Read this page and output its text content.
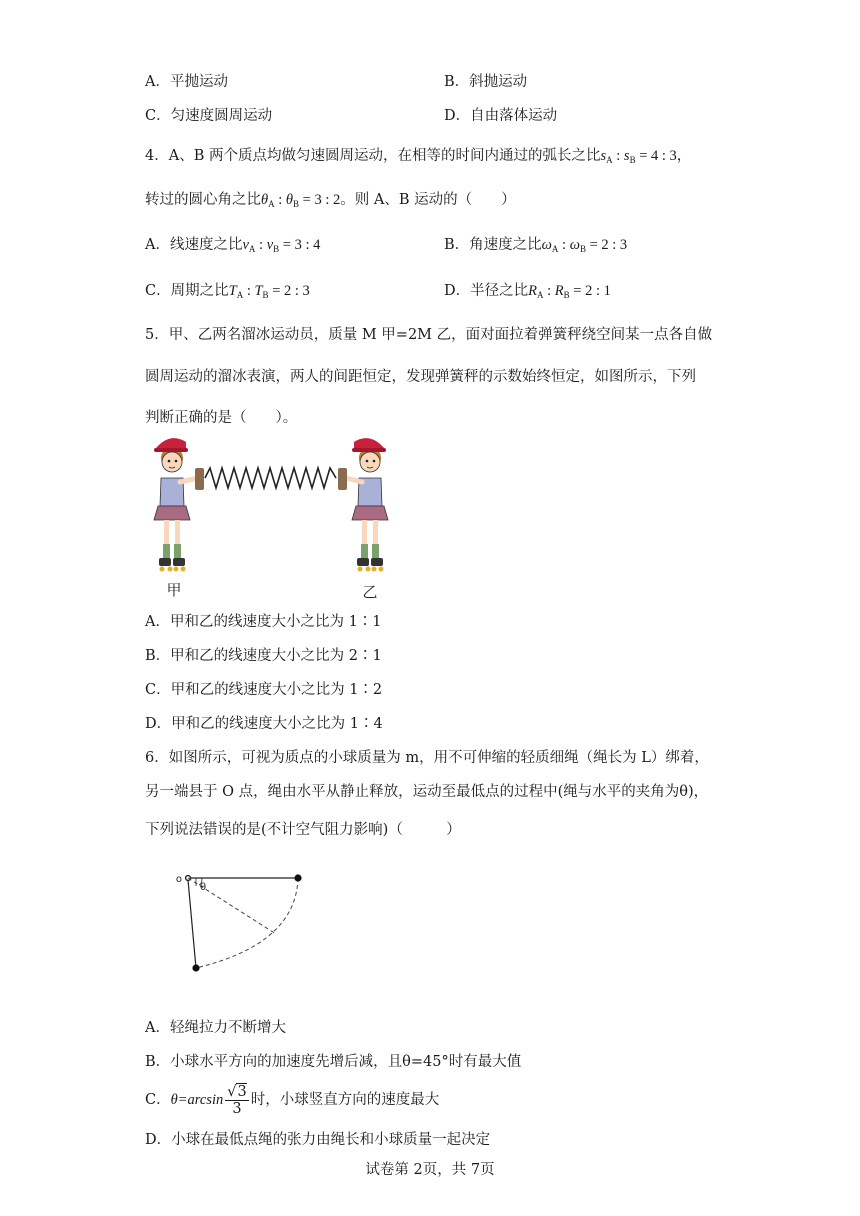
A．平抛运动	B．斜抛运动
C．匀速度圆周运动	D．自由落体运动
4．A、B 两个质点均做匀速圆周运动，在相等的时间内通过的弧长之比$s_A$ : $s_B = 4$ : 3，
转过的圆心角之比$\theta_A$ : $\theta_B = 3$ : 2。则 A、B 运动的（　　）
A．线速度之比$v_A$ : $v_B = 3$ : 4	B．角速度之比$\omega_A$ : $\omega_B = 2$ : 3
C．周期之比$T_A$ : $T_B = 2$ : 3	D．半径之比$R_A$ : $R_B = 2$ : 1
5．甲、乙两名溜冰运动员，质量 M 甲=2M 乙，面对面拉着弹簧秤绕空间某一点各自做
圆周运动的溜冰表演，两人的间距恒定，发现弹簧秤的示数始终恒定，如图所示，下列
判断正确的是（　　）。
甲	乙
A．甲和乙的线速度大小之比为 1∶1
B．甲和乙的线速度大小之比为 2∶1
C．甲和乙的线速度大小之比为 1∶2
D．甲和乙的线速度大小之比为 1∶4
6．如图所示，可视为质点的小球质量为 m，用不可伸缩的轻质细绳（绳长为 L）绑着，
另一端县于 O 点，绳由水平从静止释放，运动至最低点的过程中(绳与水平的夹角为θ)，
下列说法错误的是(不计空气阻力影响)（　　　）
o
θ
A．轻绳拉力不断增大
B．小球水平方向的加速度先增后减，且θ=45°时有最大值
C．$\theta=\arcsin \frac{√3}{3}$ 时，小球竖直方向的速度最大
D．小球在最低点绳的张力由绳长和小球质量一起决定
试卷第 2页，共 7页
